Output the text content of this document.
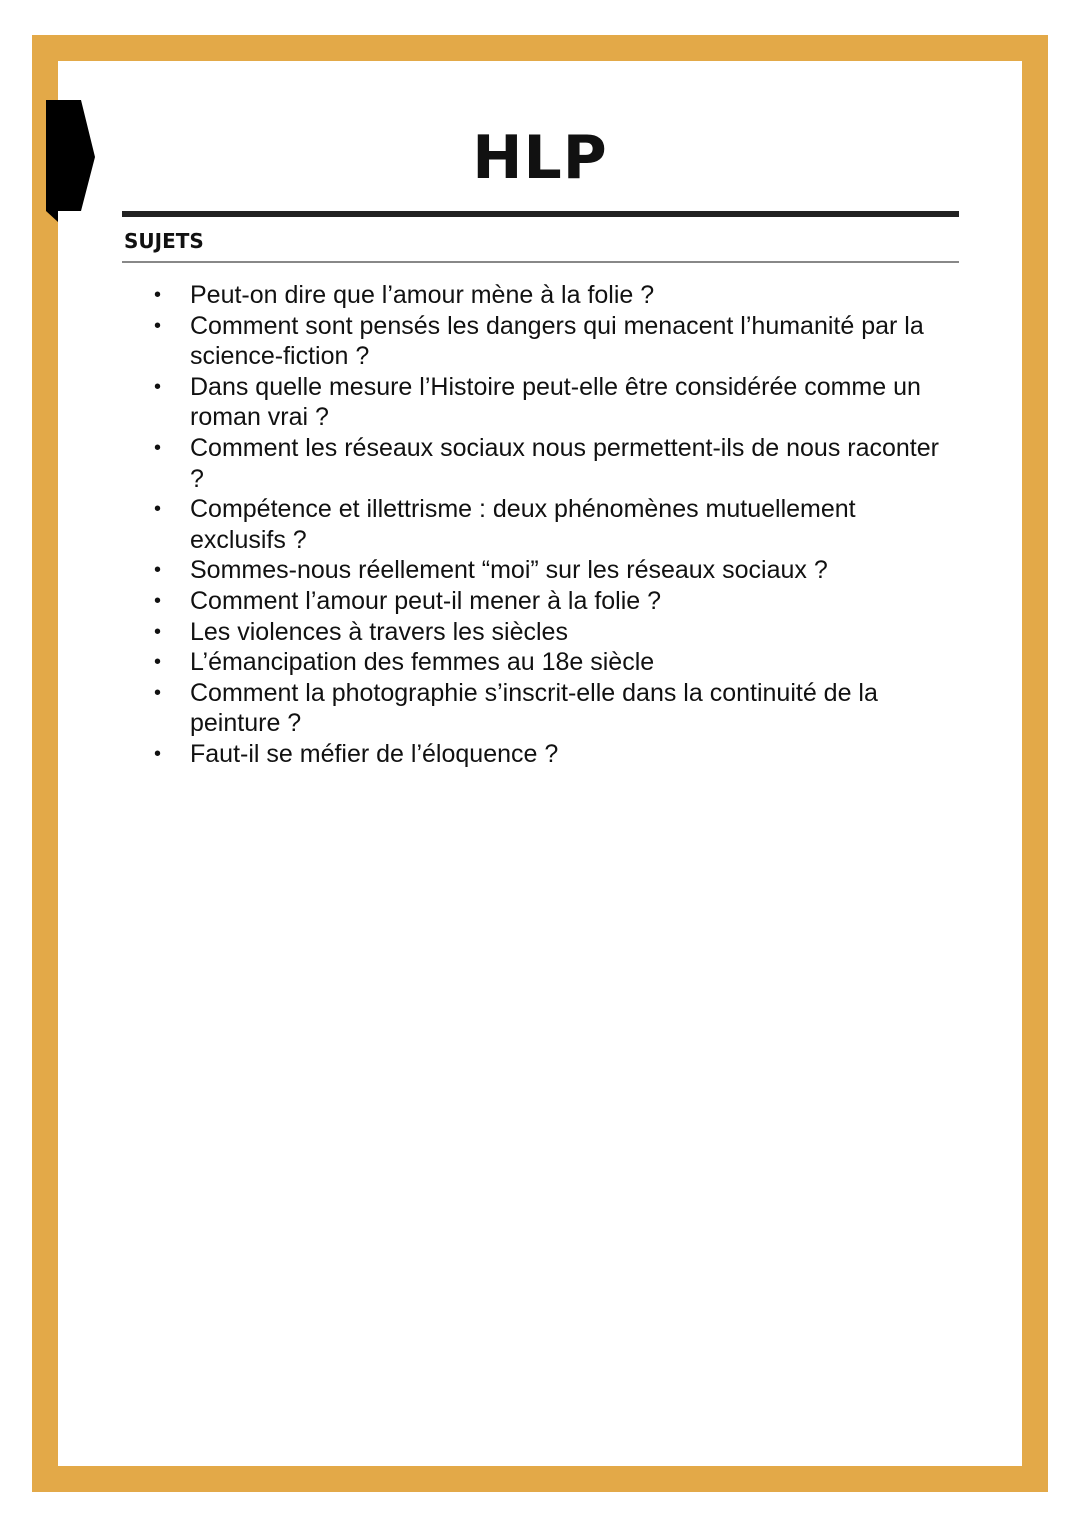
HLP
SUJETS
• Peut-on dire que l’amour mène à la folie ?
• Comment sont pensés les dangers qui menacent l’humanité par la science-fiction ?
• Dans quelle mesure l’Histoire peut-elle être considérée comme un roman vrai ?
• Comment les réseaux sociaux nous permettent-ils de nous raconter ?
• Compétence et illettrisme : deux phénomènes mutuellement exclusifs ?
• Sommes-nous réellement “moi” sur les réseaux sociaux ?
• Comment l’amour peut-il mener à la folie ?
• Les violences à travers les siècles
• L’émancipation des femmes au 18e siècle
• Comment la photographie s’inscrit-elle dans la continuité de la peinture ?
• Faut-il se méfier de l’éloquence ?
